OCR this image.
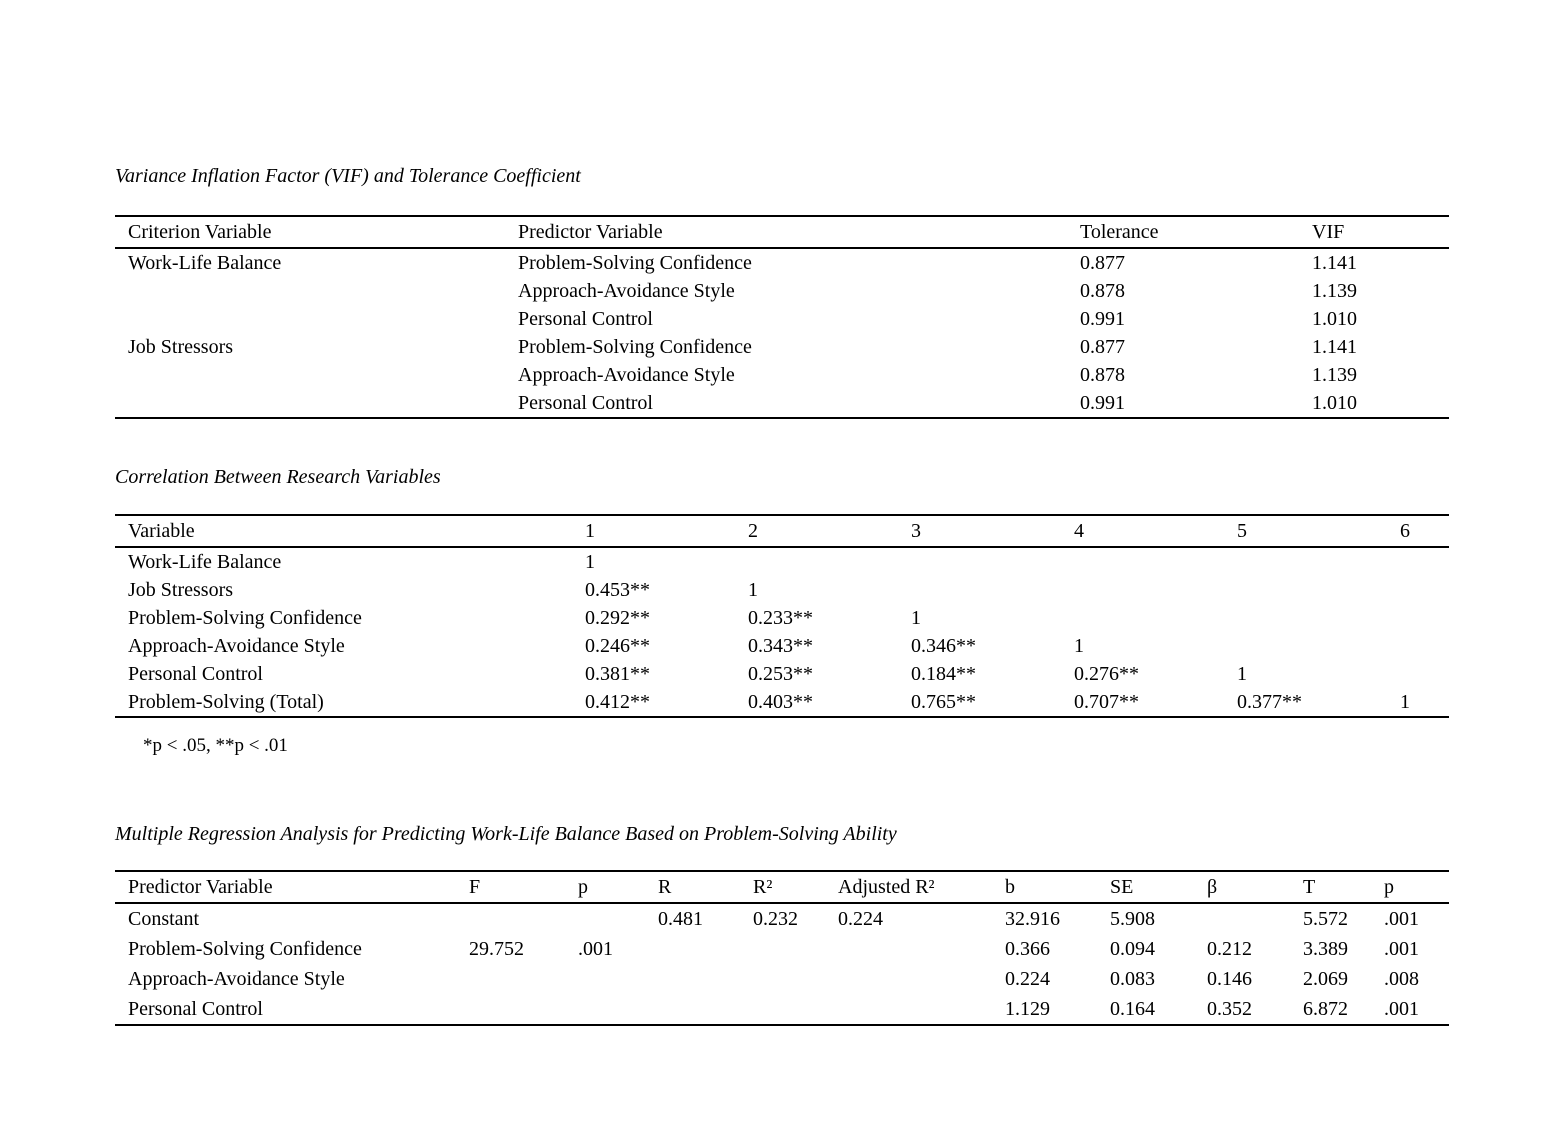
Variance Inflation Factor (VIF) and Tolerance Coefficient
Criterion Variable	Predictor Variable	Tolerance	VIF
Work-Life Balance	Problem-Solving Confidence	0.877	1.141
	Approach-Avoidance Style	0.878	1.139
	Personal Control	0.991	1.010
Job Stressors	Problem-Solving Confidence	0.877	1.141
	Approach-Avoidance Style	0.878	1.139
	Personal Control	0.991	1.010
Correlation Between Research Variables
Variable	1	2	3	4	5	6
Work-Life Balance	1					
Job Stressors	0.453**	1				
Problem-Solving Confidence	0.292**	0.233**	1			
Approach-Avoidance Style	0.246**	0.343**	0.346**	1		
Personal Control	0.381**	0.253**	0.184**	0.276**	1	
Problem-Solving (Total)	0.412**	0.403**	0.765**	0.707**	0.377**	1
*p < .05, **p < .01
Multiple Regression Analysis for Predicting Work-Life Balance Based on Problem-Solving Ability
Predictor Variable	F	p	R	R²	Adjusted R²	b	SE	β	T	p
Constant			0.481	0.232	0.224	32.916	5.908		5.572	.001
Problem-Solving Confidence	29.752	.001				0.366	0.094	0.212	3.389	.001
Approach-Avoidance Style						0.224	0.083	0.146	2.069	.008
Personal Control						1.129	0.164	0.352	6.872	.001
